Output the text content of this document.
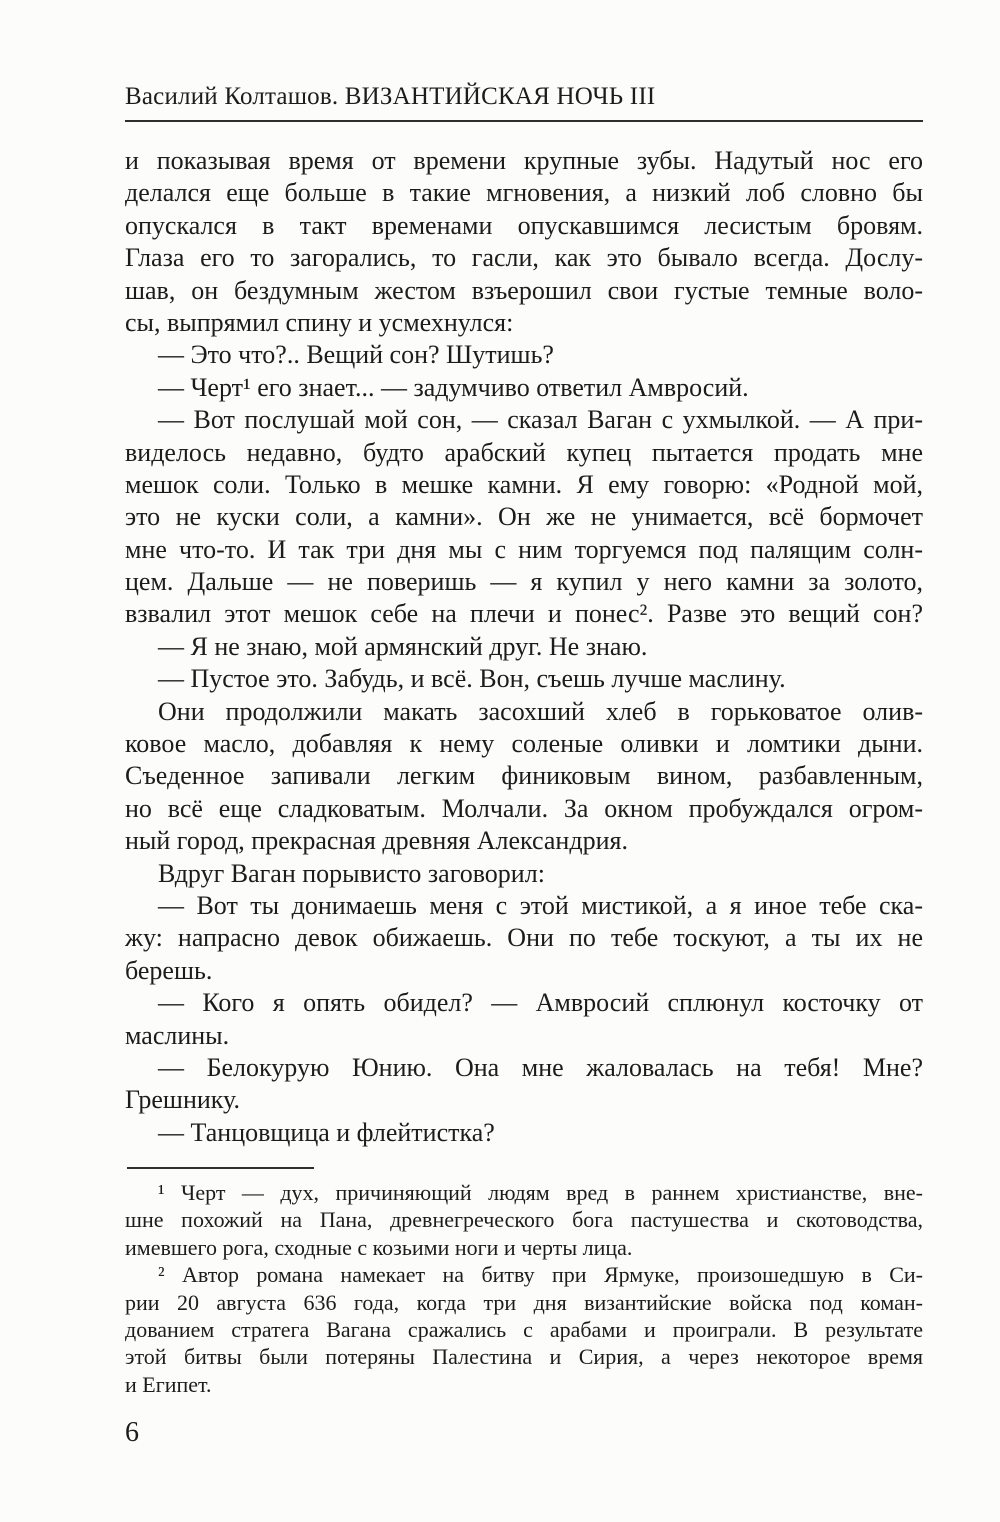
Василий Колташов. ВИЗАНТИЙСКАЯ НОЧЬ III
и показывая время от времени крупные зубы. Надутый нос его
делался еще больше в такие мгновения, а низкий лоб словно бы
опускался в такт временами опускавшимся лесистым бровям.
Глаза его то загорались, то гасли, как это бывало всегда. Дослу-
шав, он бездумным жестом взъерошил свои густые темные воло-
сы, выпрямил спину и усмехнулся:
— Это что?.. Вещий сон? Шутишь?
— Черт¹ его знает... — задумчиво ответил Амвросий.
— Вот послушай мой сон, — сказал Ваган с ухмылкой. — А при-
виделось недавно, будто арабский купец пытается продать мне
мешок соли. Только в мешке камни. Я ему говорю: «Родной мой,
это не куски соли, а камни». Он же не унимается, всё бормочет
мне что-то. И так три дня мы с ним торгуемся под палящим солн-
цем. Дальше — не поверишь — я купил у него камни за золото,
взвалил этот мешок себе на плечи и понес². Разве это вещий сон?
— Я не знаю, мой армянский друг. Не знаю.
— Пустое это. Забудь, и всё. Вон, съешь лучше маслину.
Они продолжили макать засохший хлеб в горьковатое олив-
ковое масло, добавляя к нему соленые оливки и ломтики дыни.
Съеденное запивали легким финиковым вином, разбавленным,
но всё еще сладковатым. Молчали. За окном пробуждался огром-
ный город, прекрасная древняя Александрия.
Вдруг Ваган порывисто заговорил:
— Вот ты донимаешь меня с этой мистикой, а я иное тебе ска-
жу: напрасно девок обижаешь. Они по тебе тоскуют, а ты их не
берешь.
— Кого я опять обидел? — Амвросий сплюнул косточку от
маслины.
— Белокурую Юнию. Она мне жаловалась на тебя! Мне?
Грешнику.
— Танцовщица и флейтистка?
¹ Черт — дух, причиняющий людям вред в раннем христианстве, вне-
шне похожий на Пана, древнегреческого бога пастушества и скотоводства,
имевшего рога, сходные с козьими ноги и черты лица.
² Автор романа намекает на битву при Ярмуке, произошедшую в Си-
рии 20 августа 636 года, когда три дня византийские войска под коман-
дованием стратега Вагана сражались с арабами и проиграли. В результате
этой битвы были потеряны Палестина и Сирия, а через некоторое время
и Египет.
6
